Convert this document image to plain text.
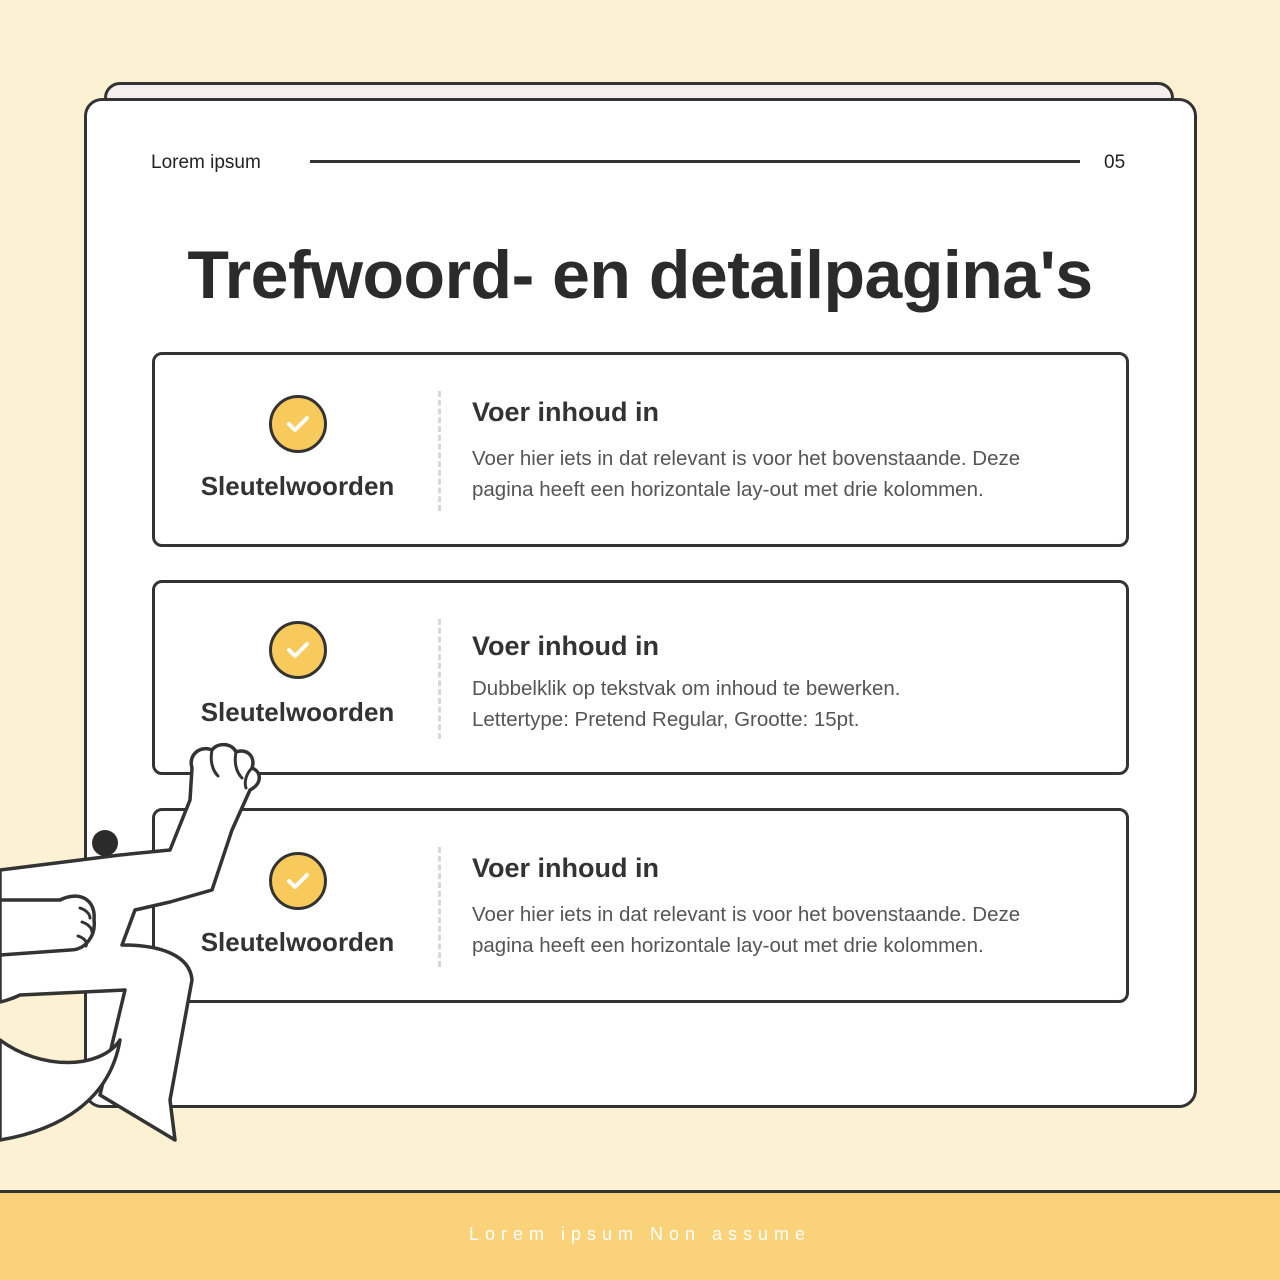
Lorem ipsum	05
Trefwoord- en detailpagina's
Sleutelwoorden
Voer inhoud in
Voer hier iets in dat relevant is voor het bovenstaande. Deze
pagina heeft een horizontale lay-out met drie kolommen.
Sleutelwoorden
Voer inhoud in
Dubbelklik op tekstvak om inhoud te bewerken.
Lettertype: Pretend Regular, Grootte: 15pt.
Sleutelwoorden
Voer inhoud in
Voer hier iets in dat relevant is voor het bovenstaande. Deze
pagina heeft een horizontale lay-out met drie kolommen.
Lorem ipsum Non assume
